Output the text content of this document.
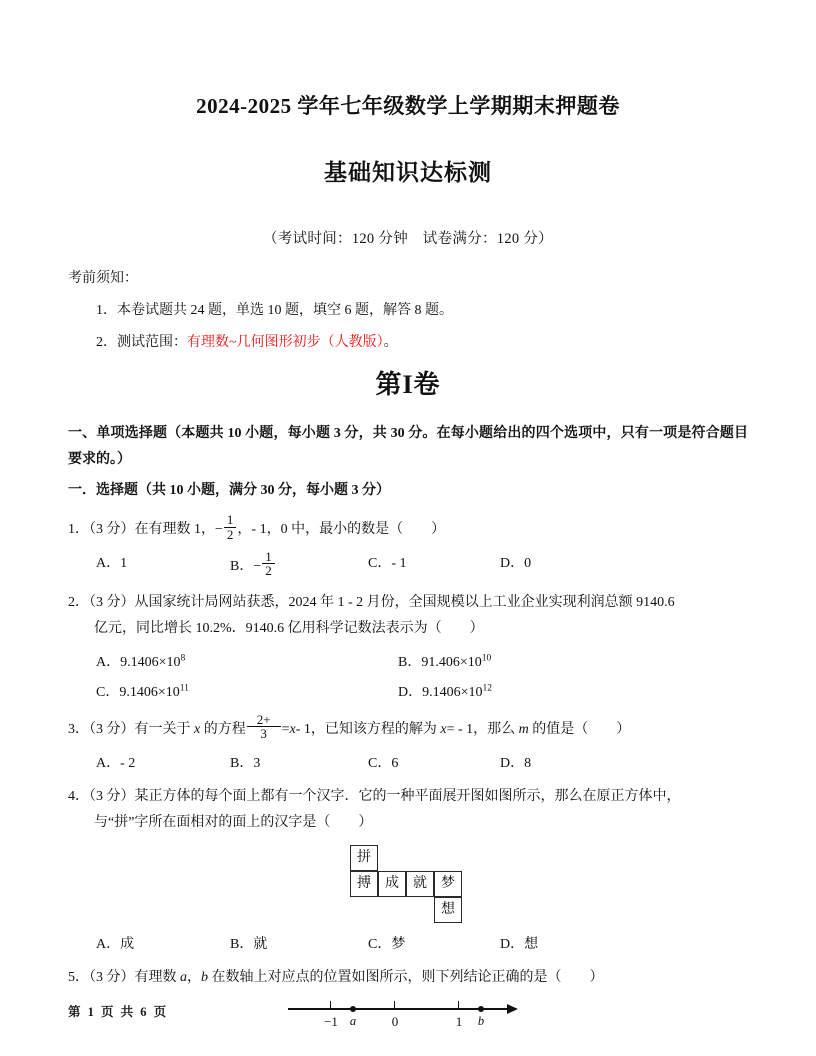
2024-2025 学年七年级数学上学期期末押题卷
基础知识达标测

（考试时间：120 分钟　试卷满分：120 分）

考前须知：

1．本卷试题共 24 题，单选 10 题，填空 6 题，解答 8 题。

2．测试范围：有理数~几何图形初步（人教版）。

第I卷

一、单项选择题（本题共 10 小题，每小题 3 分，共 30 分。在每小题给出的四个选项中，只有一项是符合题目要求的。）

一．选择题（共 10 小题，满分 30 分，每小题 3 分）

1．（3 分）在有理数 1，− $\frac{1}{2}$ ，- 1，0 中，最小的数是（　　）
A．1	B．− $\frac{1}{2}$	C．- 1	D．0
2．（3 分）从国家统计局网站获悉，2024 年 1 - 2 月份，全国规模以上工业企业实现利润总额 9140.6
亿元，同比增长 10.2%．9140.6 亿用科学记数法表示为（　　）
A．$9.1406\times 10^8$	B．$91.406\times 10^{10}$
C．$9.1406\times 10^{11}$	D．$9.1406\times 10^{12}$
3．（3 分）有一关于 x 的方程 $\frac{2+}{3} =x-$ 1，已知该方程的解为 x= - 1，那么 m 的值是（　　）
A．- 2	B．3	C．6	D．8
4．（3 分）某正方体的每个面上都有一个汉字．它的一种平面展开图如图所示，那么在原正方体中，
与“拼”字所在面相对的面上的汉字是（　　）
拼
搏	成	就	梦
想
A．成	B．就	C．梦	D．想
5．（3 分）有理数 a，b 在数轴上对应点的位置如图所示，则下列结论正确的是（　　）
−1	0	1
a	b
第 1 页 共 6 页
